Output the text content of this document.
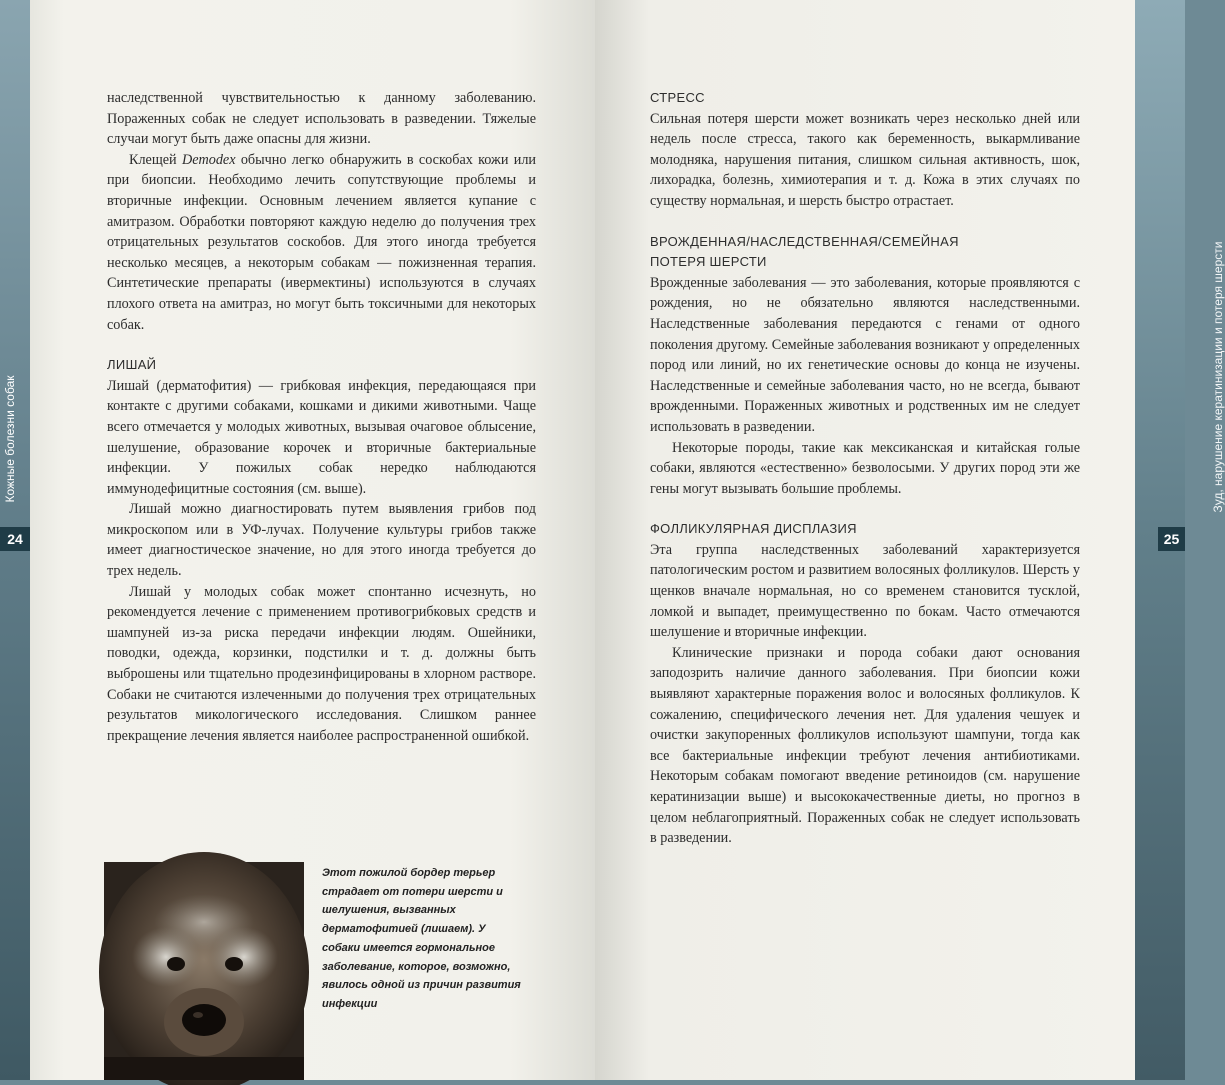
Кожные болезни собак	Зуд, нарушение кератинизации и потеря шерсти
24	25

наследственной чувствительностью к данному заболеванию. Пораженных собак не следует использовать в разведении. Тяжелые случаи могут быть даже опасны для жизни.

Клещей Demodex обычно легко обнаружить в соскобах кожи или при биопсии. Необходимо лечить сопутствующие проблемы и вторичные инфекции. Основным лечением является купание с амитразом. Обработки повторяют каждую неделю до получения трех отрицательных результатов соскобов. Для этого иногда требуется несколько месяцев, а некоторым собакам — пожизненная терапия. Синтетические препараты (ивермектины) используются в случаях плохого ответа на амитраз, но могут быть токсичными для некоторых собак.

ЛИШАЙ

Лишай (дерматофития) — грибковая инфекция, передающаяся при контакте с другими собаками, кошками и дикими животными. Чаще всего отмечается у молодых животных, вызывая очаговое облысение, шелушение, образование корочек и вторичные бактериальные инфекции. У пожилых собак нередко наблюдаются иммунодефицитные состояния (см. выше).

Лишай можно диагностировать путем выявления грибов под микроскопом или в УФ-лучах. Получение культуры грибов также имеет диагностическое значение, но для этого иногда требуется до трех недель.

Лишай у молодых собак может спонтанно исчезнуть, но рекомендуется лечение с применением противогрибковых средств и шампуней из-за риска передачи инфекции людям. Ошейники, поводки, одежда, корзинки, подстилки и т. д. должны быть выброшены или тщательно продезинфицированы в хлорном растворе. Собаки не считаются излеченными до получения трех отрицательных результатов микологического исследования. Слишком раннее прекращение лечения является наиболее распространенной ошибкой.

Этот пожилой бордер терьер страдает от потери шерсти и шелушения, вызванных дерматофитией (лишаем). У собаки имеется гормональное заболевание, которое, возможно, явилось одной из причин развития инфекции

СТРЕСС

Сильная потеря шерсти может возникать через несколько дней или недель после стресса, такого как беременность, выкармливание молодняка, нарушения питания, слишком сильная активность, шок, лихорадка, болезнь, химиотерапия и т. д. Кожа в этих случаях по существу нормальная, и шерсть быстро отрастает.

ВРОЖДЕННАЯ/НАСЛЕДСТВЕННАЯ/СЕМЕЙНАЯ

ПОТЕРЯ ШЕРСТИ

Врожденные заболевания — это заболевания, которые проявляются с рождения, но не обязательно являются наследственными. Наследственные заболевания передаются с генами от одного поколения другому. Семейные заболевания возникают у определенных пород или линий, но их генетические основы до конца не изучены. Наследственные и семейные заболевания часто, но не всегда, бывают врожденными. Пораженных животных и родственных им не следует использовать в разведении.

Некоторые породы, такие как мексиканская и китайская голые собаки, являются «естественно» безволосыми. У других пород эти же гены могут вызывать большие проблемы.

ФОЛЛИКУЛЯРНАЯ ДИСПЛАЗИЯ

Эта группа наследственных заболеваний характеризуется патологическим ростом и развитием волосяных фолликулов. Шерсть у щенков вначале нормальная, но со временем становится тусклой, ломкой и выпадет, преимущественно по бокам. Часто отмечаются шелушение и вторичные инфекции.

Клинические признаки и порода собаки дают основания заподозрить наличие данного заболевания. При биопсии кожи выявляют характерные поражения волос и волосяных фолликулов. К сожалению, специфического лечения нет. Для удаления чешуек и очистки закупоренных фолликулов используют шампуни, тогда как все бактериальные инфекции требуют лечения антибиотиками. Некоторым собакам помогают введение ретиноидов (см. нарушение кератинизации выше) и высококачественные диеты, но прогноз в целом неблагоприятный. Пораженных собак не следует использовать в разведении.
